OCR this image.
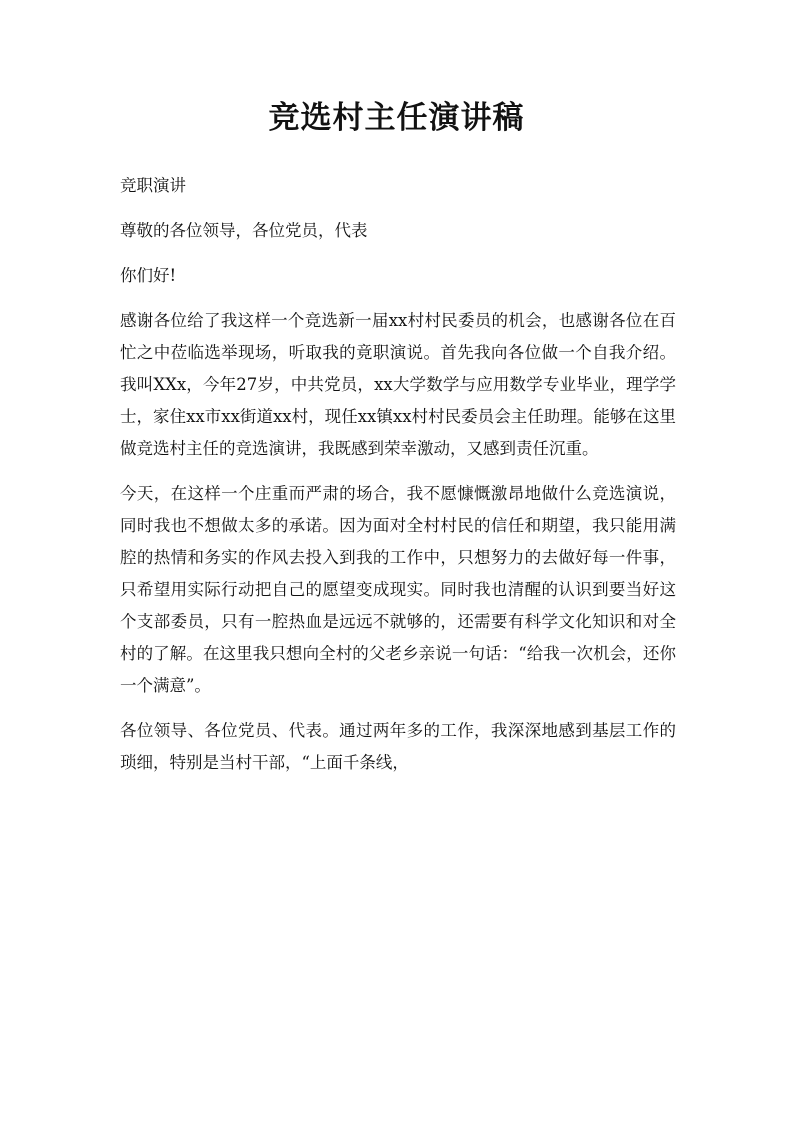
竞选村主任演讲稿

竞职演讲

尊敬的各位领导，各位党员，代表

你们好!

感谢各位给了我这样一个竞选新一届xx村村民委员的机会，也感谢各位在百忙之中莅临选举现场，听取我的竟职演说。首先我向各位做一个自我介绍。我叫XXx，今年27岁，中共党员，xx大学数学与应用数学专业毕业，理学学士，家住xx市xx街道xx村，现任xx镇xx村村民委员会主任助理。能够在这里做竞选村主任的竞选演讲，我既感到荣幸激动，又感到责任沉重。

今天，在这样一个庄重而严肃的场合，我不愿慷慨激昂地做什么竞选演说，同时我也不想做太多的承诺。因为面对全村村民的信任和期望，我只能用满腔的热情和务实的作风去投入到我的工作中，只想努力的去做好每一件事，只希望用实际行动把自己的愿望变成现实。同时我也清醒的认识到要当好这个支部委员，只有一腔热血是远远不就够的，还需要有科学文化知识和对全村的了解。在这里我只想向全村的父老乡亲说一句话：“给我一次机会，还你一个满意”。

各位领导、各位党员、代表。通过两年多的工作，我深深地感到基层工作的琐细，特别是当村干部，“上面千条线，
